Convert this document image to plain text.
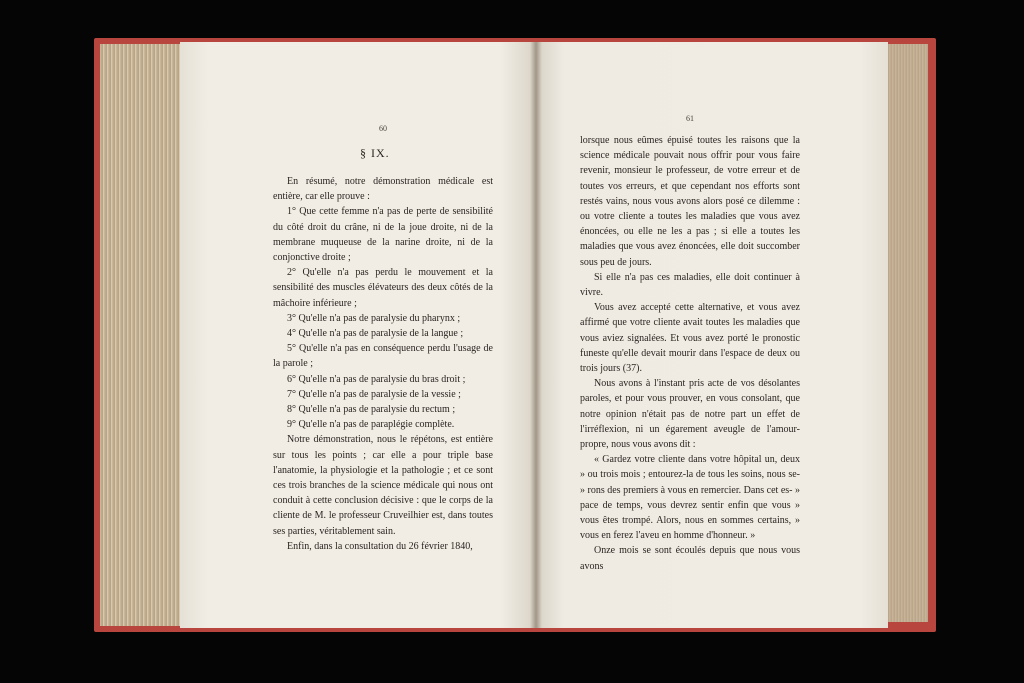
60
§ IX.

En résumé, notre démonstration médicale est entière, car elle prouve :

1° Que cette femme n'a pas de perte de sensibilité du côté droit du crâne, ni de la joue droite, ni de la membrane muqueuse de la narine droite, ni de la conjonctive droite ;

2° Qu'elle n'a pas perdu le mouvement et la sensibilité des muscles élévateurs des deux côtés de la mâchoire inférieure ;

3° Qu'elle n'a pas de paralysie du pharynx ;

4° Qu'elle n'a pas de paralysie de la langue ;

5° Qu'elle n'a pas en conséquence perdu l'usage de la parole ;

6° Qu'elle n'a pas de paralysie du bras droit ;

7° Qu'elle n'a pas de paralysie de la vessie ;

8° Qu'elle n'a pas de paralysie du rectum ;

9° Qu'elle n'a pas de paraplégie complète.

Notre démonstration, nous le répétons, est entière sur tous les points ; car elle a pour triple base l'anatomie, la physiologie et la pathologie ; et ce sont ces trois branches de la science médicale qui nous ont conduit à cette conclusion décisive : que le corps de la cliente de M. le professeur Cruveilhier est, dans toutes ses parties, véritablement sain.

Enfin, dans la consultation du 26 février 1840,

61

lorsque nous eûmes épuisé toutes les raisons que la science médicale pouvait nous offrir pour vous faire revenir, monsieur le professeur, de votre erreur et de toutes vos erreurs, et que cependant nos efforts sont restés vains, nous vous avons alors posé ce dilemme : ou votre cliente a toutes les maladies que vous avez énoncées, ou elle ne les a pas ; si elle a toutes les maladies que vous avez énoncées, elle doit succomber sous peu de jours.

Si elle n'a pas ces maladies, elle doit continuer à vivre.

Vous avez accepté cette alternative, et vous avez affirmé que votre cliente avait toutes les maladies que vous aviez signalées. Et vous avez porté le pronostic funeste qu'elle devait mourir dans l'espace de deux ou trois jours (37).

Nous avons à l'instant pris acte de vos désolantes paroles, et pour vous prouver, en vous consolant, que notre opinion n'était pas de notre part un effet de l'irréflexion, ni un égarement aveugle de l'amour-propre, nous vous avons dit :

« Gardez votre cliente dans votre hôpital un, deux » ou trois mois ; entourez-la de tous les soins, nous se- » rons des premiers à vous en remercier. Dans cet es- » pace de temps, vous devrez sentir enfin que vous » vous êtes trompé. Alors, nous en sommes certains, » vous en ferez l'aveu en homme d'honneur. »

Onze mois se sont écoulés depuis que nous vous avons
